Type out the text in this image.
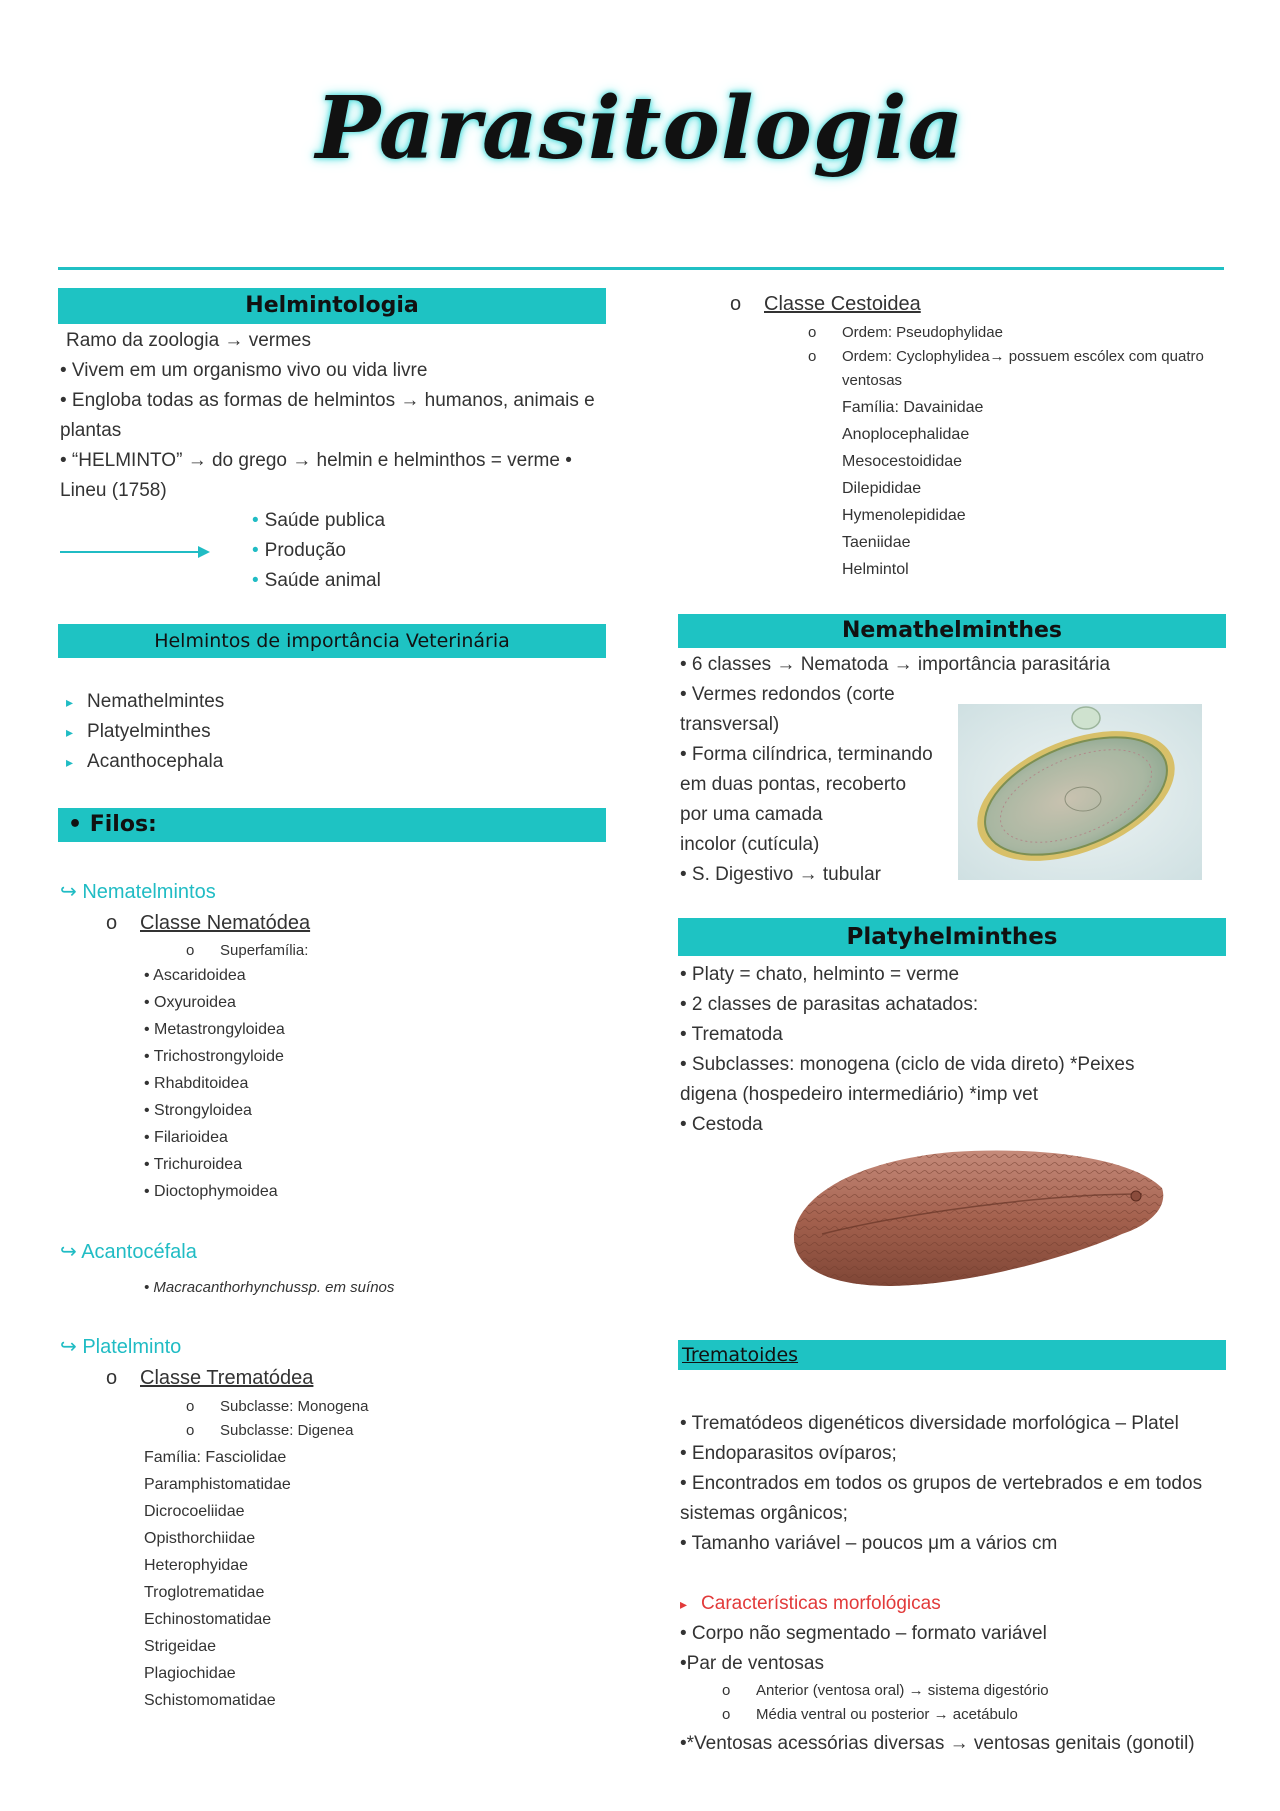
Parasitologia
Helmintologia
Ramo da zoologia → vermes
• Vivem em um organismo vivo ou vida livre
• Engloba todas as formas de helmintos → humanos, animais e
plantas
• “HELMINTO” → do grego → helmin e helminthos = verme •
Lineu (1758)
• Saúde publica
• Produção
• Saúde animal
Helmintos de importância Veterinária
▸ Nemathelmintes
▸ Platyelminthes
▸ Acanthocephala
• Filos:
↪ Nematelmintos
o Classe Nematódea
o Superfamília:
• Ascaridoidea
• Oxyuroidea
• Metastrongyloidea
• Trichostrongyloide
• Rhabditoidea
• Strongyloidea
• Filarioidea
• Trichuroidea
• Dioctophymoidea
↪ Acantocéfala
• Macracanthorhynchussp. em suínos
↪ Platelminto
o Classe Trematódea
o Subclasse: Monogena
o Subclasse: Digenea
Família: Fasciolidae
Paramphistomatidae
Dicrocoeliidae
Opisthorchiidae
Heterophyidae
Troglotrematidae
Echinostomatidae
Strigeidae
Plagiochidae
Schistomomatidae
o Classe Cestoidea
o Ordem: Pseudophylidae
o Ordem: Cyclophylidea→ possuem escólex com quatro
ventosas
Família: Davainidae
Anoplocephalidae
Mesocestoididae
Dilepididae
Hymenolepididae
Taeniidae
Helmintol
Nemathelminthes
• 6 classes → Nematoda → importância parasitária
• Vermes redondos (corte
transversal)
• Forma cilíndrica, terminando
em duas pontas, recoberto
por uma camada
incolor (cutícula)
• S. Digestivo → tubular
Platyhelminthes
• Platy = chato, helminto = verme
• 2 classes de parasitas achatados:
• Trematoda
• Subclasses: monogena (ciclo de vida direto) *Peixes
digena (hospedeiro intermediário) *imp vet
• Cestoda
Trematoides
• Trematódeos digenéticos diversidade morfológica – Platel
• Endoparasitos ovíparos;
• Encontrados em todos os grupos de vertebrados e em todos
sistemas orgânicos;
• Tamanho variável – poucos μm a vários cm
▸ Características morfológicas
• Corpo não segmentado – formato variável
•Par de ventosas
o Anterior (ventosa oral) → sistema digestório
o Média ventral ou posterior → acetábulo
•*Ventosas acessórias diversas → ventosas genitais (gonotil)
